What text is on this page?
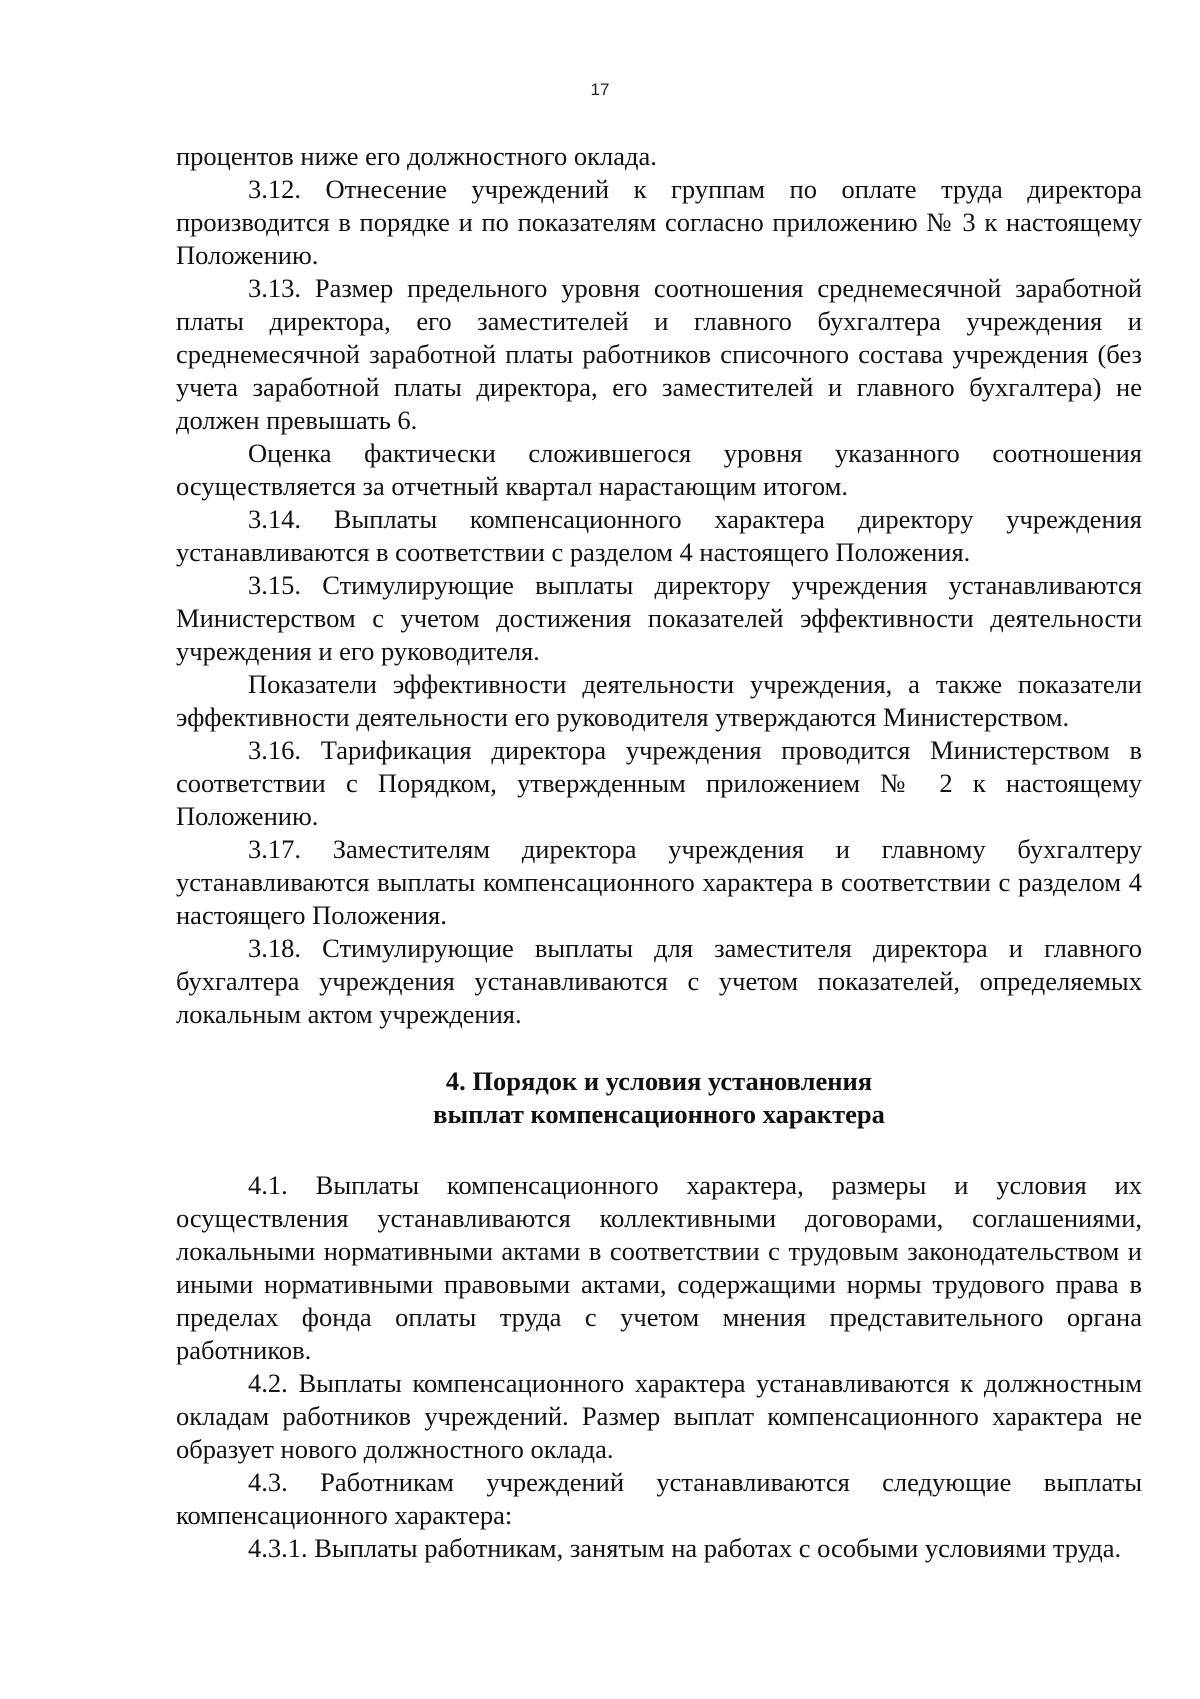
17

процентов ниже его должностного оклада.

3.12. Отнесение учреждений к группам по оплате труда директора производится в порядке и по показателям согласно приложению № 3 к настоящему Положению.

3.13. Размер предельного уровня соотношения среднемесячной заработной платы директора, его заместителей и главного бухгалтера учреждения и среднемесячной заработной платы работников списочного состава учреждения (без учета заработной платы директора, его заместителей и главного бухгалтера) не должен превышать 6.

Оценка фактически сложившегося уровня указанного соотношения осуществляется за отчетный квартал нарастающим итогом.

3.14. Выплаты компенсационного характера директору учреждения устанавливаются в соответствии с разделом 4 настоящего Положения.

3.15. Стимулирующие выплаты директору учреждения устанавливаются Министерством с учетом достижения показателей эффективности деятельности учреждения и его руководителя.

Показатели эффективности деятельности учреждения, а также показатели эффективности деятельности его руководителя утверждаются Министерством.

3.16. Тарификация директора учреждения проводится Министерством в соответствии с Порядком, утвержденным приложением № 2 к настоящему Положению.

3.17. Заместителям директора учреждения и главному бухгалтеру устанавливаются выплаты компенсационного характера в соответствии с разделом 4 настоящего Положения.

3.18. Стимулирующие выплаты для заместителя директора и главного бухгалтера учреждения устанавливаются с учетом показателей, определяемых локальным актом учреждения.

4. Порядок и условия установления
выплат компенсационного характера

4.1. Выплаты компенсационного характера, размеры и условия их осуществления устанавливаются коллективными договорами, соглашениями, локальными нормативными актами в соответствии с трудовым законодательством и иными нормативными правовыми актами, содержащими нормы трудового права в пределах фонда оплаты труда с учетом мнения представительного органа работников.

4.2. Выплаты компенсационного характера устанавливаются к должностным окладам работников учреждений. Размер выплат компенсационного характера не образует нового должностного оклада.

4.3. Работникам учреждений устанавливаются следующие выплаты компенсационного характера:

4.3.1. Выплаты работникам, занятым на работах с особыми условиями труда.
